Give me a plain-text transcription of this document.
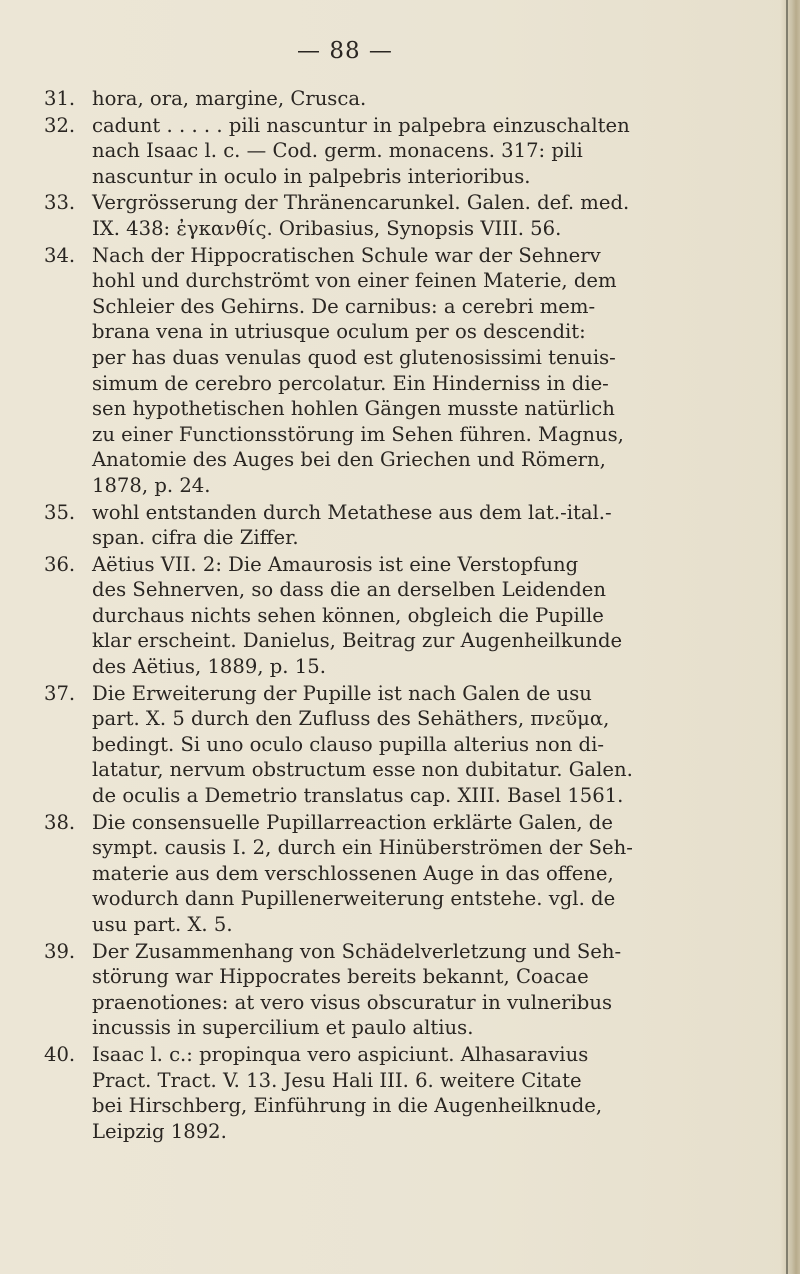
— 88 —
31. hora, ora, margine, Crusca.
32. cadunt . . . . . pili nascuntur in palpebra einzuschalten
nach Isaac l. c. — Cod. germ. monacens. 317: pili
nascuntur in oculo in palpebris interioribus.
33. Vergrösserung der Thränencarunkel. Galen. def. med.
IX. 438: ἐγκανθίς. Oribasius, Synopsis VIII. 56.
34. Nach der Hippocratischen Schule war der Sehnerv
hohl und durchströmt von einer feinen Materie, dem
Schleier des Gehirns. De carnibus: a cerebri mem-
brana vena in utriusque oculum per os descendit:
per has duas venulas quod est glutenosissimi tenuis-
simum de cerebro percolatur. Ein Hinderniss in die-
sen hypothetischen hohlen Gängen musste natürlich
zu einer Functionsstörung im Sehen führen. Magnus,
Anatomie des Auges bei den Griechen und Römern,
1878, p. 24.
35. wohl entstanden durch Metathese aus dem lat.-ital.-
span. cifra die Ziffer.
36. Aëtius VII. 2: Die Amaurosis ist eine Verstopfung
des Sehnerven, so dass die an derselben Leidenden
durchaus nichts sehen können, obgleich die Pupille
klar erscheint. Danielus, Beitrag zur Augenheilkunde
des Aëtius, 1889, p. 15.
37. Die Erweiterung der Pupille ist nach Galen de usu
part. X. 5 durch den Zufluss des Sehäthers, πνεῦμα,
bedingt. Si uno oculo clauso pupilla alterius non di-
latatur, nervum obstructum esse non dubitatur. Galen.
de oculis a Demetrio translatus cap. XIII. Basel 1561.
38. Die consensuelle Pupillarreaction erklärte Galen, de
sympt. causis I. 2, durch ein Hinüberströmen der Seh-
materie aus dem verschlossenen Auge in das offene,
wodurch dann Pupillenerweiterung entstehe. vgl. de
usu part. X. 5.
39. Der Zusammenhang von Schädelverletzung und Seh-
störung war Hippocrates bereits bekannt, Coacae
praenotiones: at vero visus obscuratur in vulneribus
incussis in supercilium et paulo altius.
40. Isaac l. c.: propinqua vero aspiciunt. Alhasaravius
Pract. Tract. V. 13. Jesu Hali III. 6. weitere Citate
bei Hirschberg, Einführung in die Augenheilknude,
Leipzig 1892.
